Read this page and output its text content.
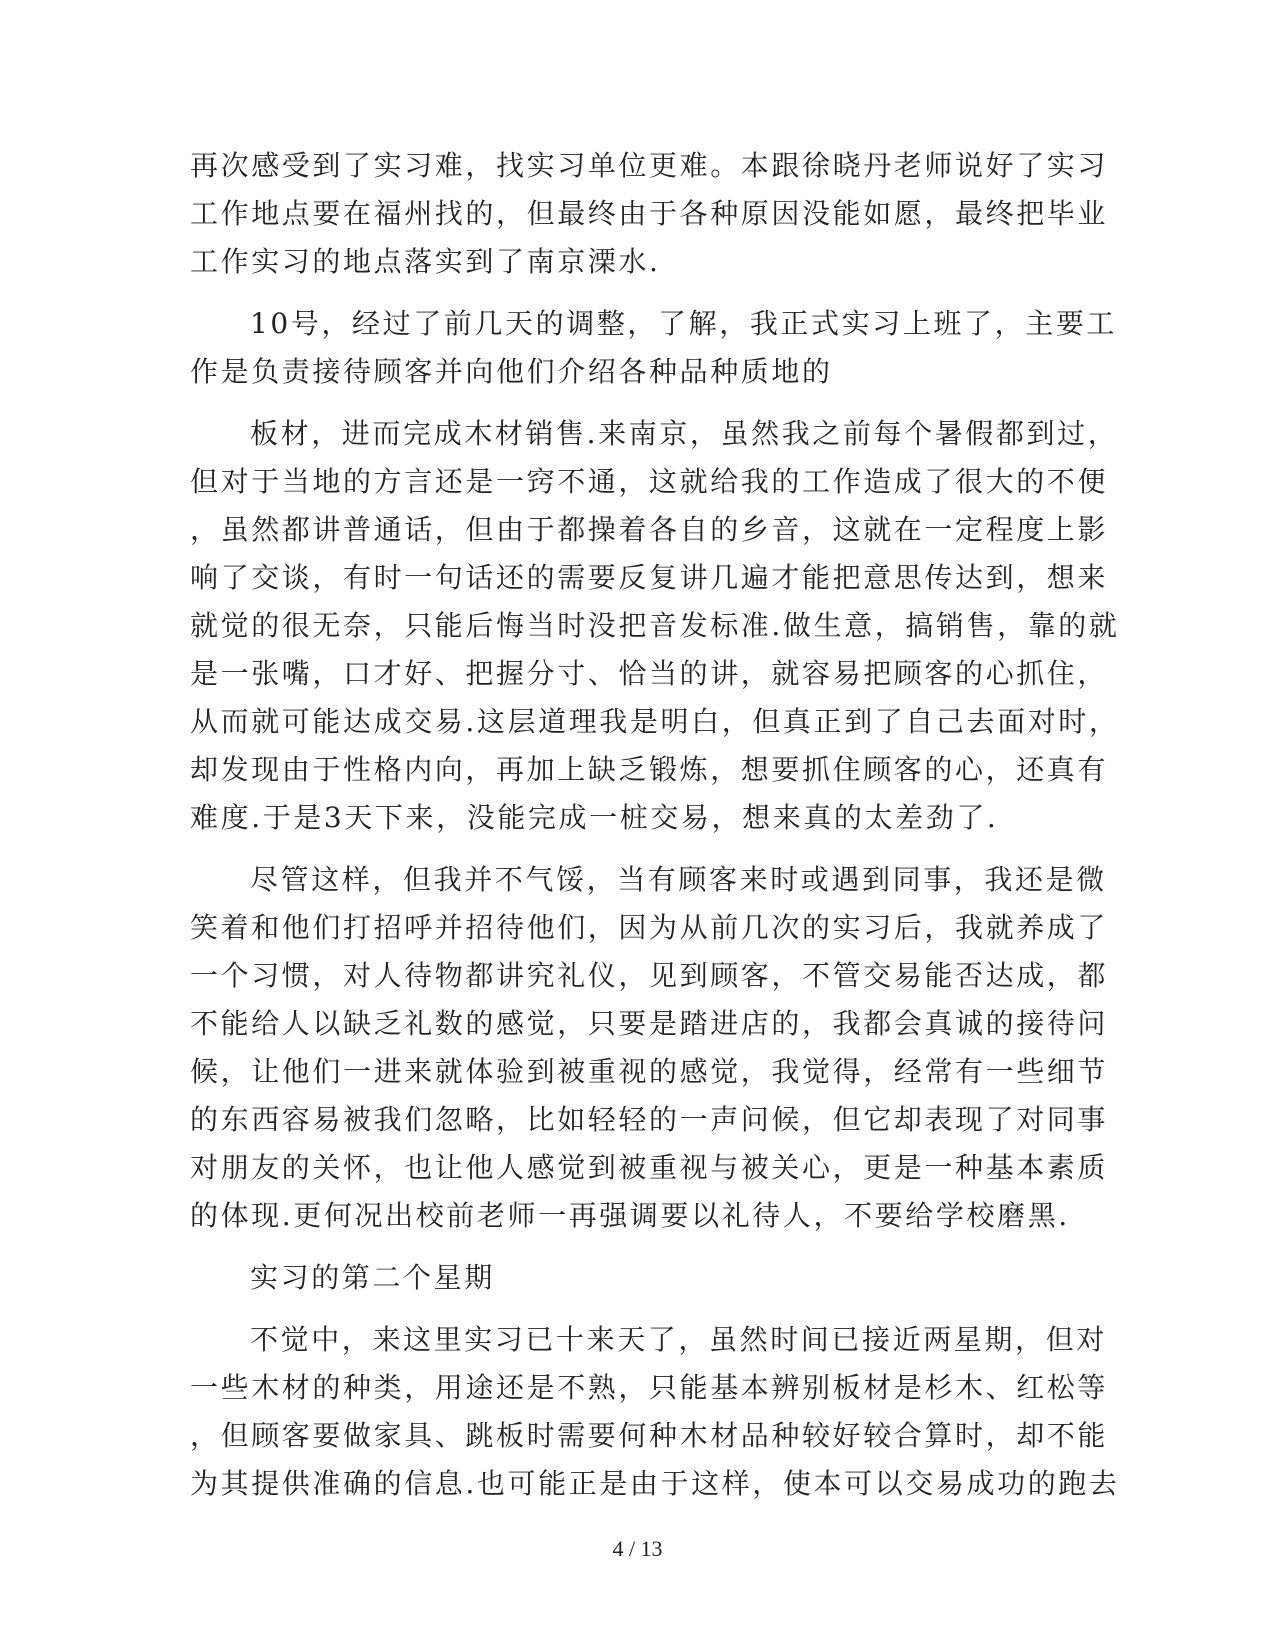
再次感受到了实习难，找实习单位更难。本跟徐晓丹老师说好了实习
工作地点要在福州找的，但最终由于各种原因没能如愿，最终把毕业
工作实习的地点落实到了南京溧水.
10号，经过了前几天的调整，了解，我正式实习上班了，主要工
作是负责接待顾客并向他们介绍各种品种质地的
板材，进而完成木材销售.来南京，虽然我之前每个暑假都到过，
但对于当地的方言还是一窍不通，这就给我的工作造成了很大的不便
，虽然都讲普通话，但由于都操着各自的乡音，这就在一定程度上影
响了交谈，有时一句话还的需要反复讲几遍才能把意思传达到，想来
就觉的很无奈，只能后悔当时没把音发标准.做生意，搞销售，靠的就
是一张嘴，口才好、把握分寸、恰当的讲，就容易把顾客的心抓住，
从而就可能达成交易.这层道理我是明白，但真正到了自己去面对时，
却发现由于性格内向，再加上缺乏锻炼，想要抓住顾客的心，还真有
难度.于是3天下来，没能完成一桩交易，想来真的太差劲了.
尽管这样，但我并不气馁，当有顾客来时或遇到同事，我还是微
笑着和他们打招呼并招待他们，因为从前几次的实习后，我就养成了
一个习惯，对人待物都讲究礼仪，见到顾客，不管交易能否达成，都
不能给人以缺乏礼数的感觉，只要是踏进店的，我都会真诚的接待问
候，让他们一进来就体验到被重视的感觉，我觉得，经常有一些细节
的东西容易被我们忽略，比如轻轻的一声问候，但它却表现了对同事
对朋友的关怀，也让他人感觉到被重视与被关心，更是一种基本素质
的体现.更何况出校前老师一再强调要以礼待人，不要给学校磨黑.
实习的第二个星期
不觉中，来这里实习已十来天了，虽然时间已接近两星期，但对
一些木材的种类，用途还是不熟，只能基本辨别板材是杉木、红松等
，但顾客要做家具、跳板时需要何种木材品种较好较合算时，却不能
为其提供准确的信息.也可能正是由于这样，使本可以交易成功的跑去
4 / 13
